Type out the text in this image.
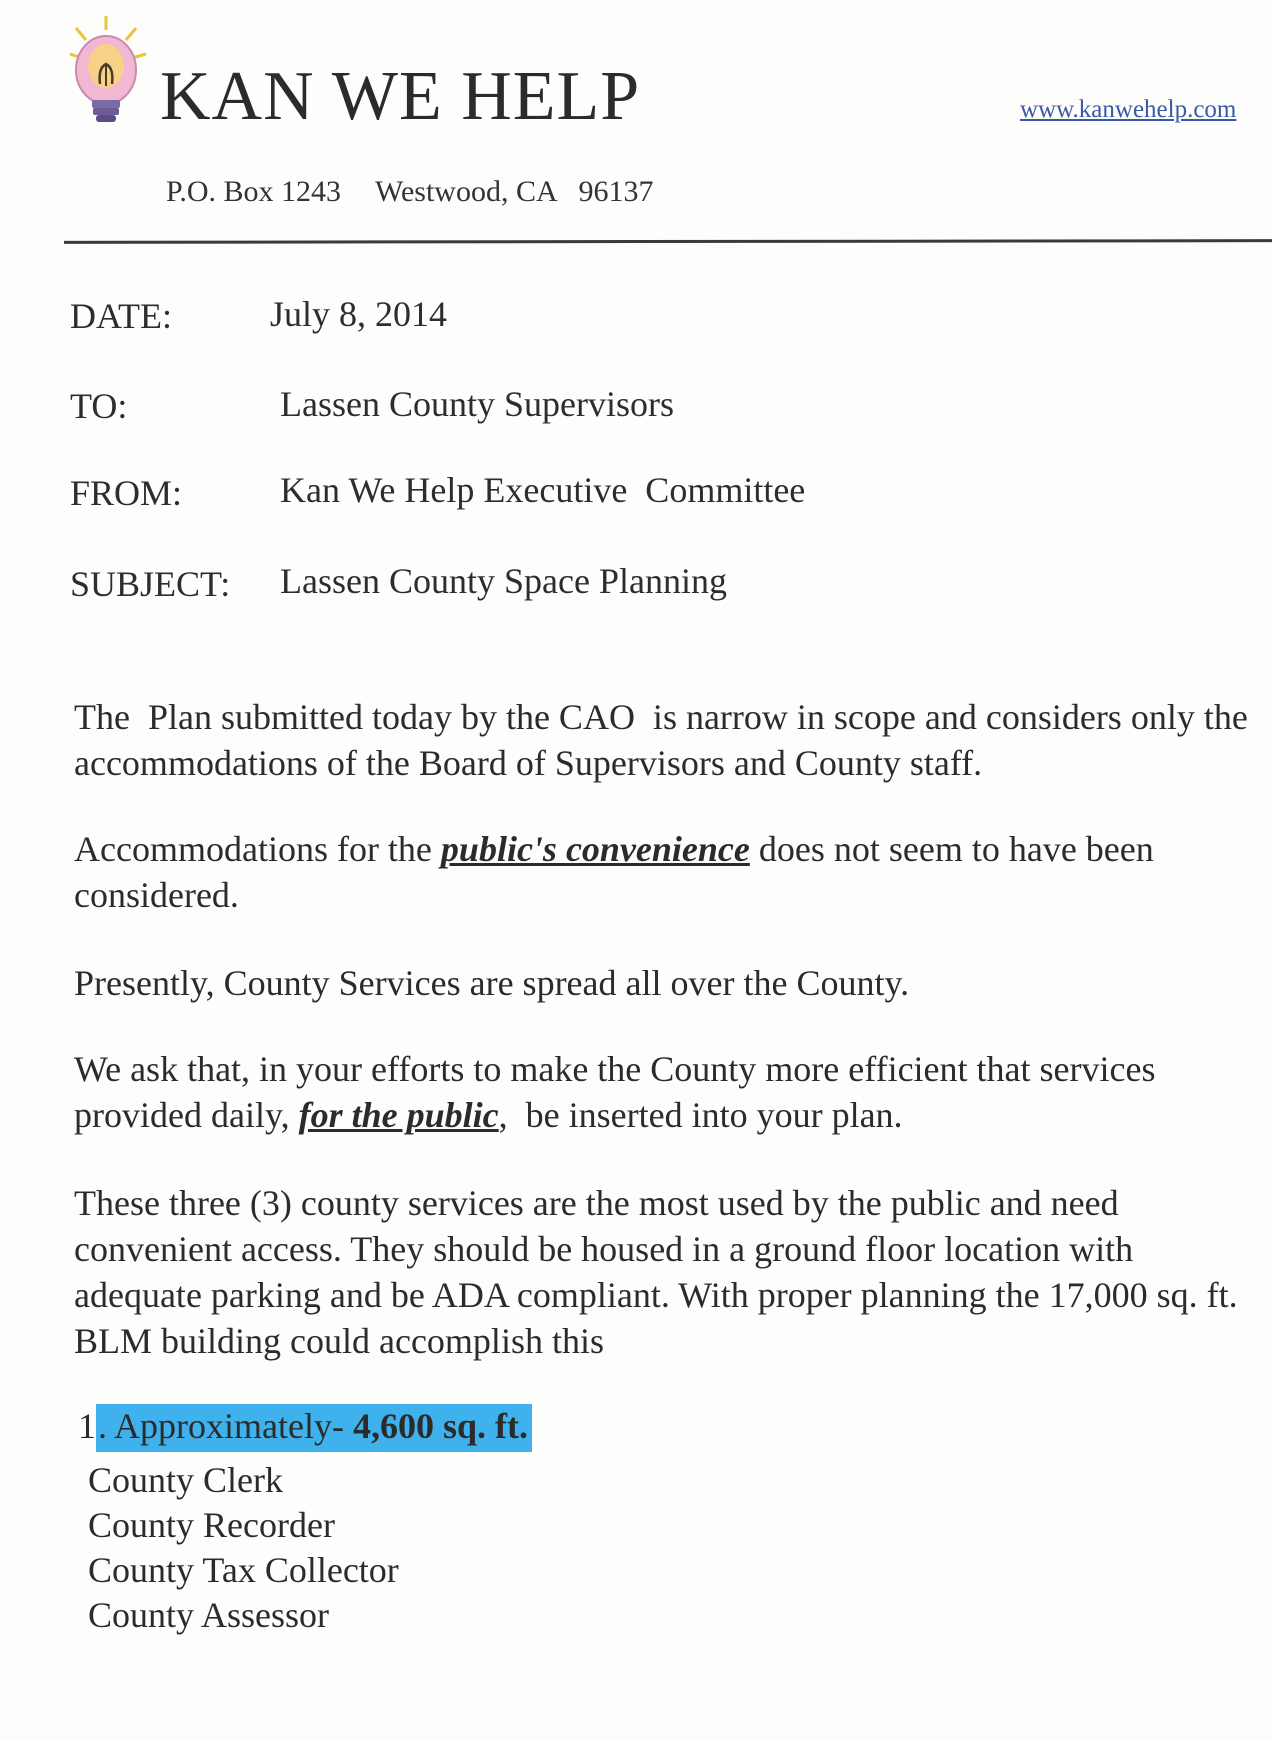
KAN WE HELP	www.kanwehelp.com
P.O. Box 1243 Westwood, CA   96137
DATE:	July 8, 2014
TO:	Lassen County Supervisors
FROM:	Kan We Help Executive  Committee
SUBJECT: Lassen County Space Planning
The  Plan submitted today by the CAO  is narrow in scope and considers only the  accommodations of the Board of Supervisors and County staff.
Accommodations for the public's convenience does not seem to have been considered.
Presently, County Services are spread all over the County.
We ask that, in your efforts to make the County more efficient that services provided daily, for the public,  be inserted into your plan.
These three (3) county services are the most used by the public and need convenient access. They should be housed in a ground floor location with adequate parking and be ADA compliant. With proper planning the 17,000 sq. ft. BLM building could accomplish this
1. Approximately- 4,600 sq. ft.
County Clerk
County Recorder
County Tax Collector
County Assessor
